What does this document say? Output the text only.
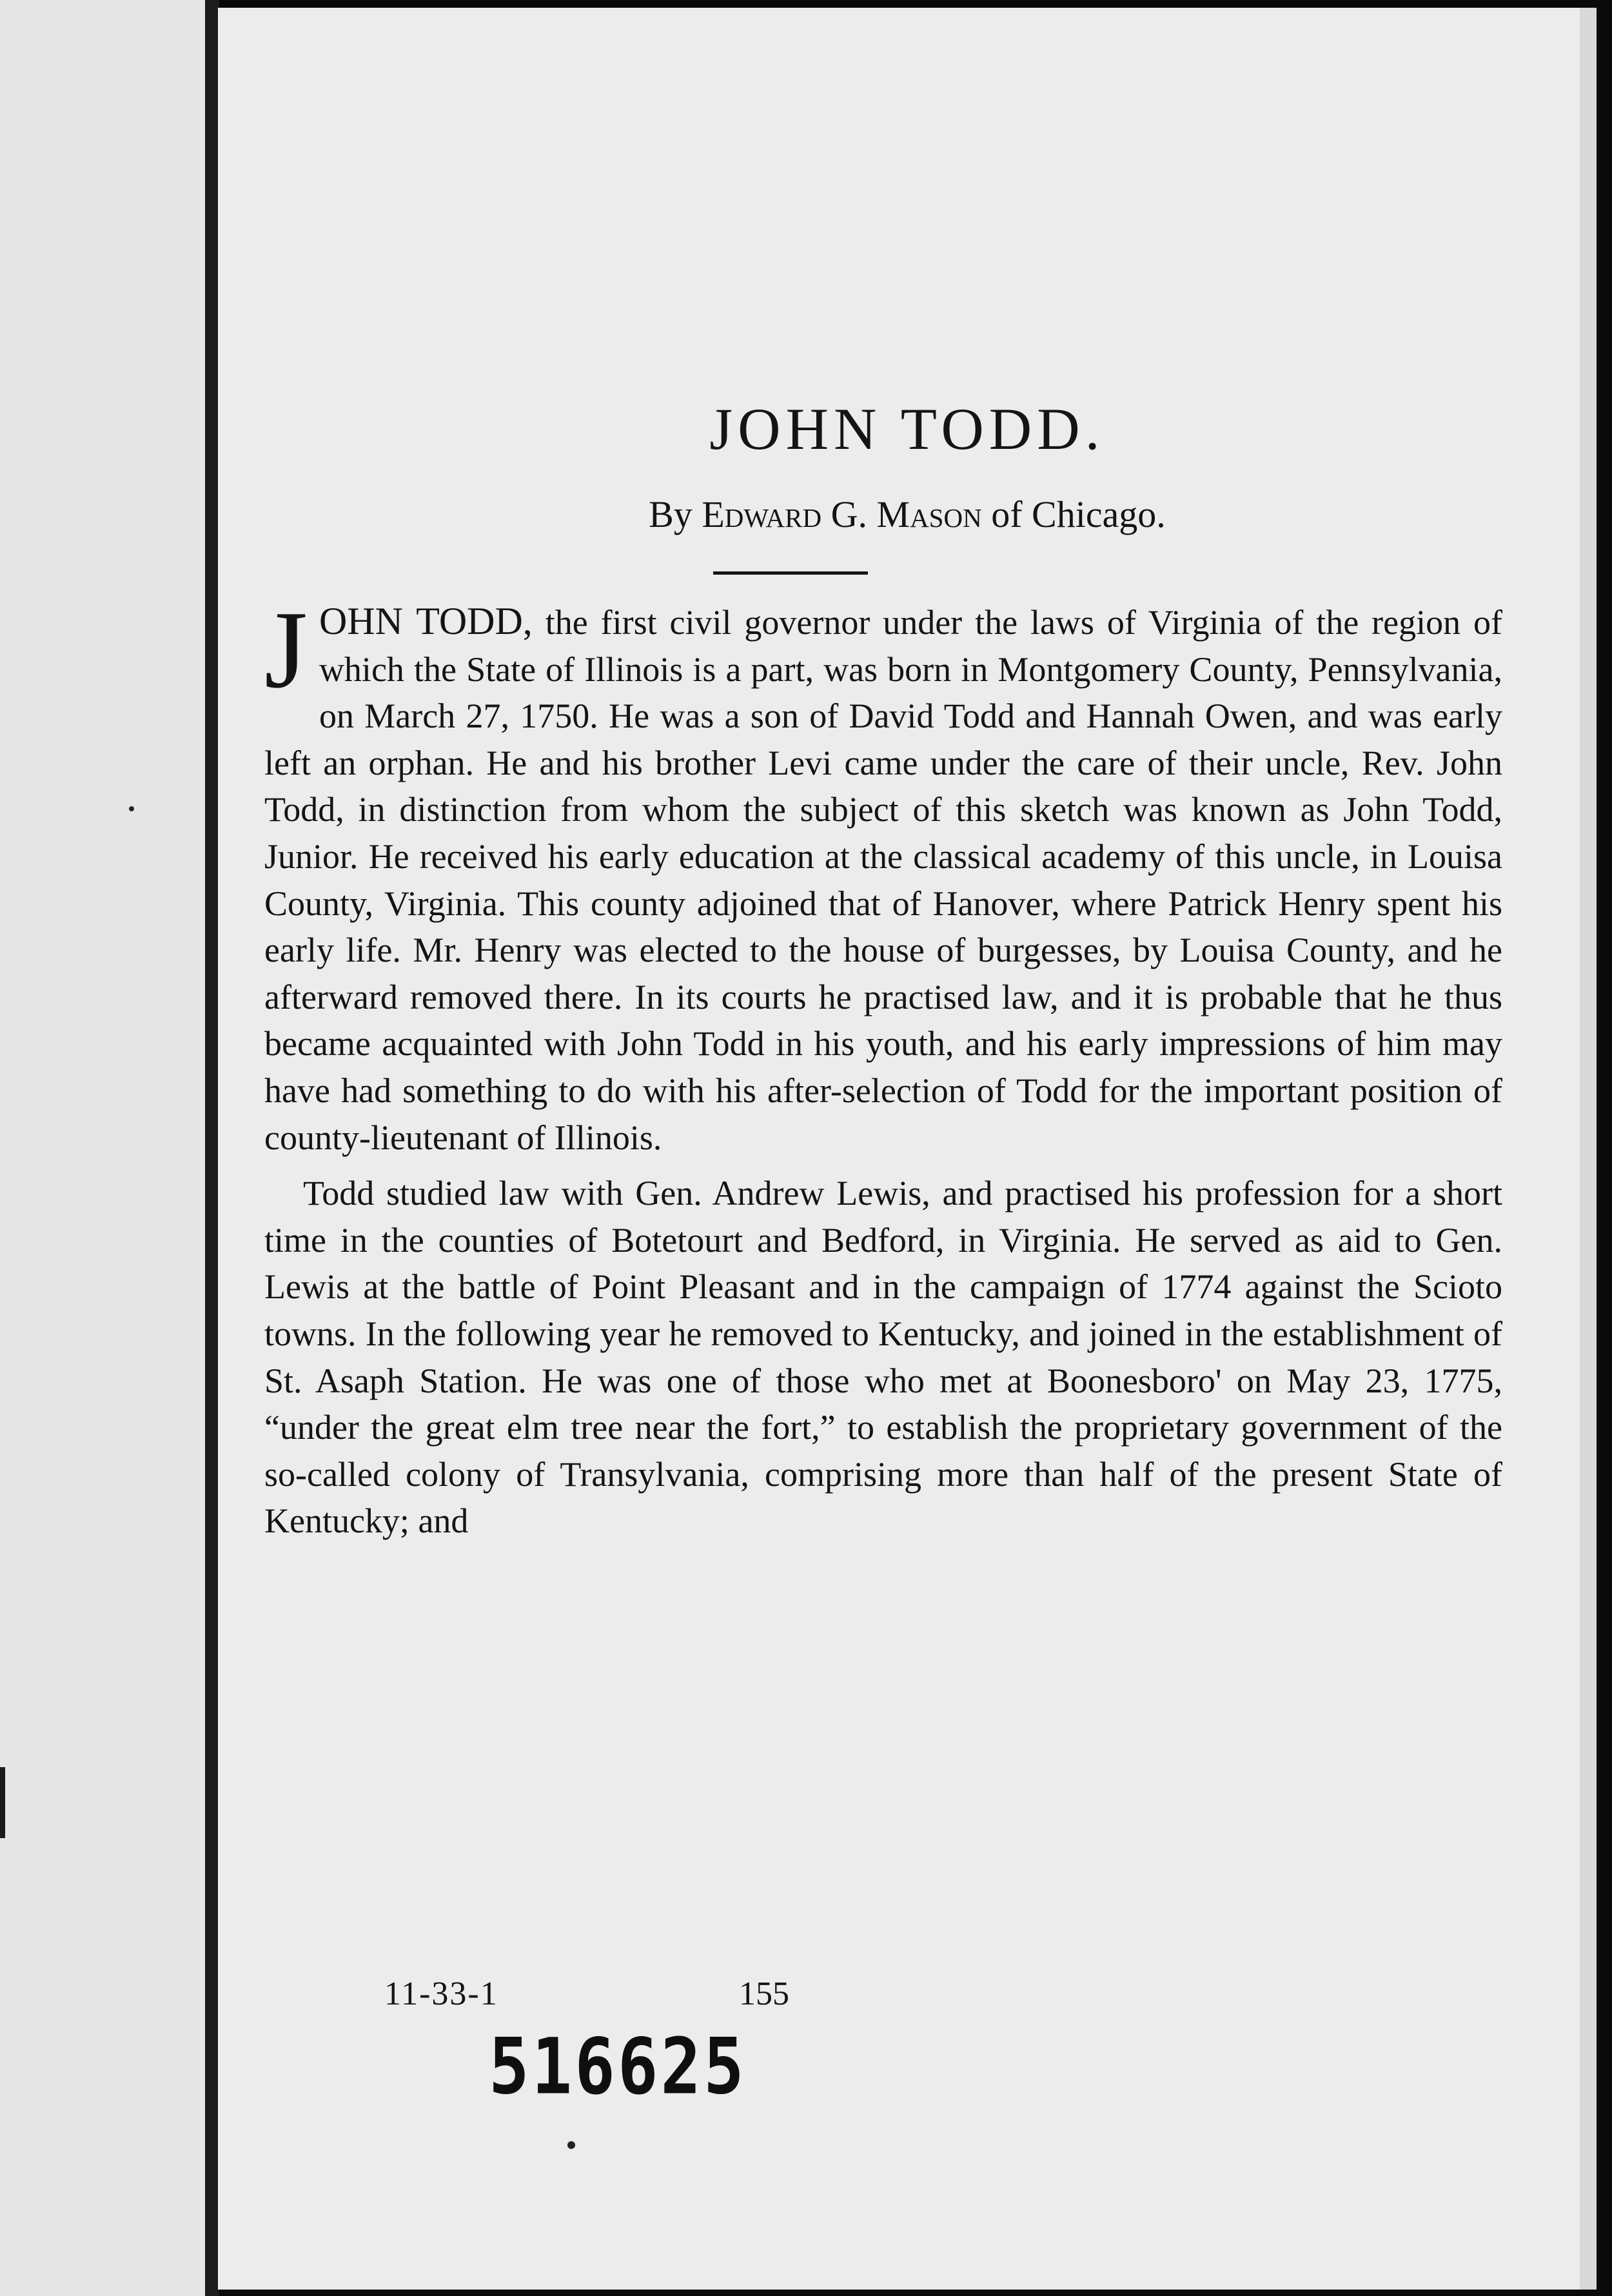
JOHN TODD.

By Edward G. Mason of Chicago.

JOHN TODD, the first civil governor under the laws of Virginia of the region of which the State of Illinois is a part, was born in Montgomery County, Pennsylvania, on March 27, 1750. He was a son of David Todd and Hannah Owen, and was early left an orphan. He and his brother Levi came under the care of their uncle, Rev. John Todd, in distinction from whom the subject of this sketch was known as John Todd, Junior. He received his early education at the classical academy of this uncle, in Louisa County, Virginia. This county adjoined that of Hanover, where Patrick Henry spent his early life. Mr. Henry was elected to the house of burgesses, by Louisa County, and he afterward removed there. In its courts he practised law, and it is probable that he thus became acquainted with John Todd in his youth, and his early impressions of him may have had something to do with his after-selection of Todd for the important position of county-lieutenant of Illinois.

Todd studied law with Gen. Andrew Lewis, and practised his profession for a short time in the counties of Botetourt and Bedford, in Virginia. He served as aid to Gen. Lewis at the battle of Point Pleasant and in the campaign of 1774 against the Scioto towns. In the following year he removed to Kentucky, and joined in the establishment of St. Asaph Station. He was one of those who met at Boonesboro' on May 23, 1775, “under the great elm tree near the fort,” to establish the proprietary government of the so-called colony of Transylvania, comprising more than half of the present State of Kentucky; and

11-33-1	155
516625
